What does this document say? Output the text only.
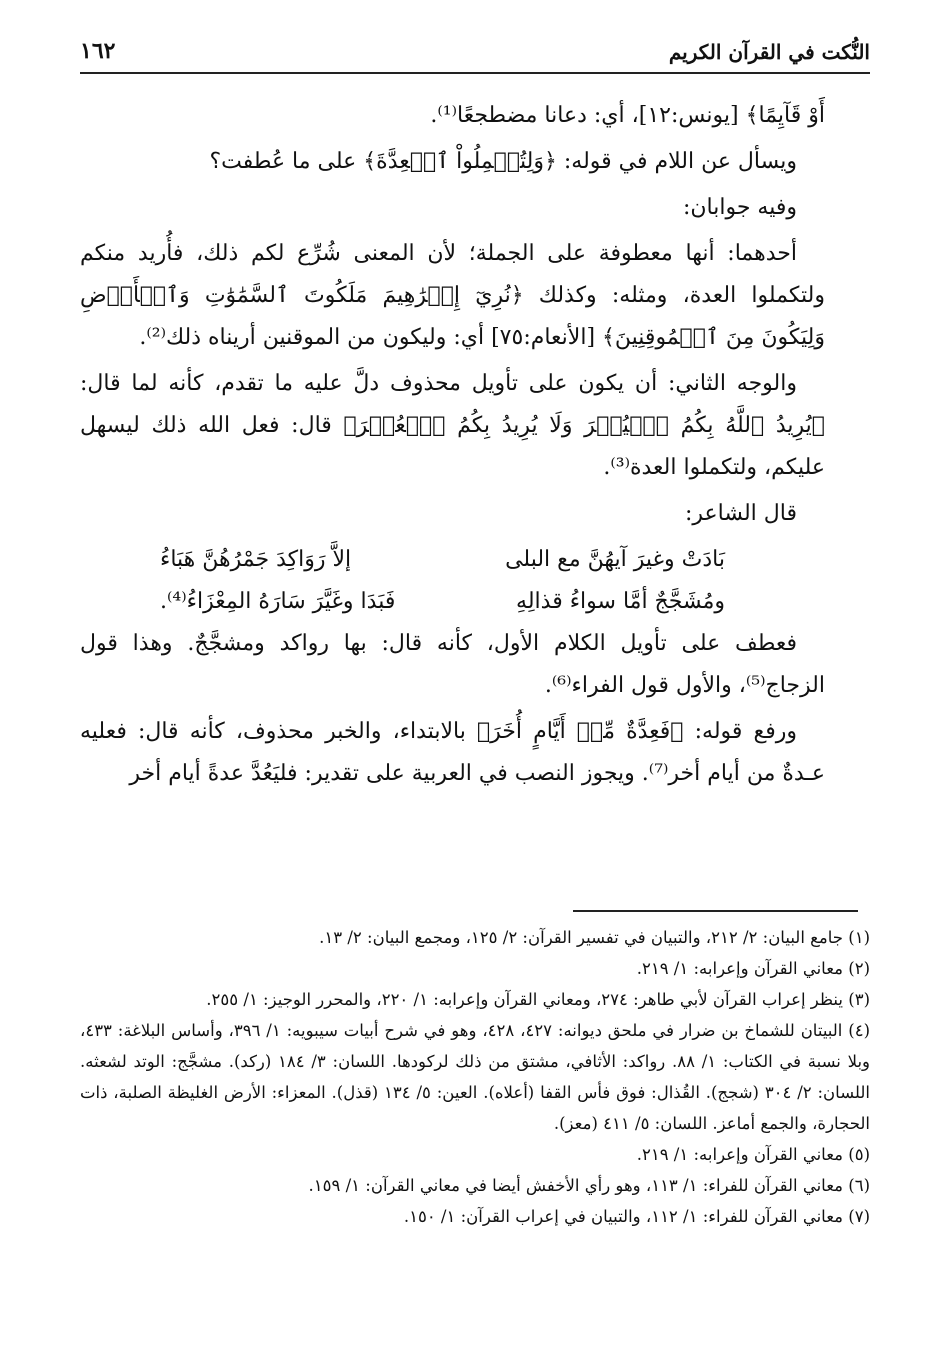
النُّكت في القرآن الكريم
١٦٢

أَوْ قَآيِمًا﴾ [يونس:١٢]، أي: دعانا مضطجعًا⁽¹⁾.

ويسأل عن اللام في قوله: ﴿وَلِتُكۡمِلُواْ ٱلۡعِدَّةَ﴾ على ما عُطفت؟

وفيه جوابان:

أحدهما: أنها معطوفة على الجملة؛ لأن المعنى شُرِّع لكم ذلك، فأُريد منكم ولتكملوا العدة، ومثله: وكذلك ﴿نُرِيٓ إِبۡرَٰهِيمَ مَلَكُوتَ ٱلسَّمَٰوَٰتِ وَٱلۡأَرۡضِ وَلِيَكُونَ مِنَ ٱلۡمُوقِنِينَ﴾ [الأنعام:٧٥] أي: وليكون من الموقنين أريناه ذلك⁽²⁾.

والوجه الثاني: أن يكون على تأويل محذوف دلَّ عليه ما تقدم، كأنه لما قال: ﴿يُرِيدُ ٱللَّهُ بِكُمُ ٱلۡيُسۡرَ وَلَا يُرِيدُ بِكُمُ ٱلۡعُسۡرَ﴾ قال: فعل الله ذلك ليسهل عليكم، ولتكملوا العدة⁽³⁾.

قال الشاعر:

بَادَتْ وغيرَ آيهُنَّ مع البلى
إلاَّ رَوَاكِدَ جَمْرُهُنَّ هَبَاءُ
ومُشَجَّجٌ أمَّا سواءُ قذالِهِ
فَبَدَا وغَيَّرَ سَارَهُ المِعْزَاءُ⁽⁴⁾.

فعطف على تأويل الكلام الأول، كأنه قال: بها رواكد ومشجَّجٌ. وهذا قول الزجاج⁽⁵⁾، والأول قول الفراء⁽⁶⁾.

ورفع قوله: ﴿فَعِدَّةٌ مِّنۡ أَيَّامٍ أُخَرَ﴾ بالابتداء، والخبر محذوف، كأنه قال: فعليه عـدةٌ من أيام أخر⁽⁷⁾. ويجوز النصب في العربية على تقدير: فليَعُدَّ عدةً أيام أخر

(١) جامع البيان: ٢/ ٢١٢، والتبيان في تفسير القرآن: ٢/ ١٢٥، ومجمع البيان: ٢/ ١٣.

(٢) معاني القرآن وإعرابه: ١/ ٢١٩.

(٣) ينظر إعراب القرآن لأبي طاهر: ٢٧٤، ومعاني القرآن وإعرابه: ١/ ٢٢٠، والمحرر الوجيز: ١/ ٢٥٥.

(٤) البيتان للشماخ بن ضرار في ملحق ديوانه: ٤٢٧، ٤٢٨، وهو في شرح أبيات سيبويه: ١/ ٣٩٦، وأساس البلاغة: ٤٣٣، وبلا نسبة في الكتاب: ١/ ٨٨. رواكد: الأثافي، مشتق من ذلك لركودها. اللسان: ٣/ ١٨٤ (ركد). مشجَّج: الوتد لشعثه. اللسان: ٢/ ٣٠٤ (شجج). القُذال: فوق فأس القفا (أعلاه). العين: ٥/ ١٣٤ (قذل). المعزاء: الأرض الغليظة الصلبة، ذات الحجارة، والجمع أماعز. اللسان: ٥/ ٤١١ (معز).

(٥) معاني القرآن وإعرابه: ١/ ٢١٩.

(٦) معاني القرآن للفراء: ١/ ١١٣، وهو رأي الأخفش أيضا في معاني القرآن: ١/ ١٥٩.

(٧) معاني القرآن للفراء: ١/ ١١٢، والتبيان في إعراب القرآن: ١/ ١٥٠.
